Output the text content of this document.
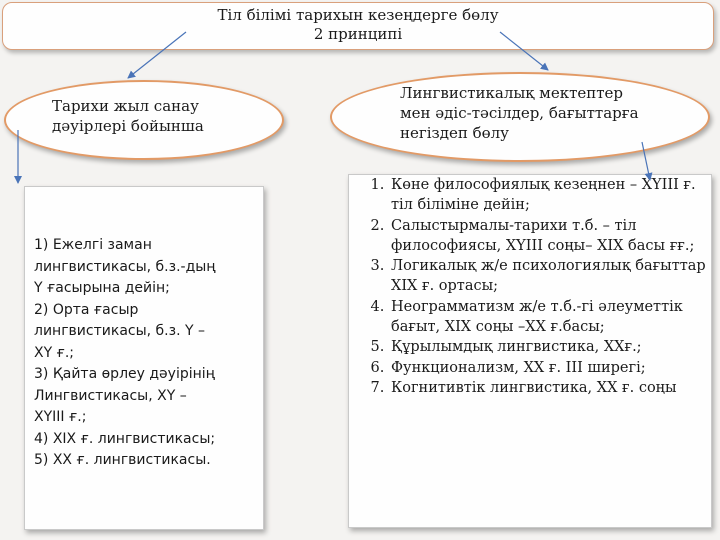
Тіл білімі тарихын кезеңдерге бөлу
2 принципі
Тарихи жыл санау
дәуірлері бойынша
Лингвистикалық мектептер
мен әдіс-тәсілдер, бағыттарға
негіздеп бөлу
1) Ежелгі заман
лингвистикасы, б.з.-дың
Ү ғасырына дейін;
2) Орта ғасыр
лингвистикасы, б.з. Ү –
ХҮ ғ.;
3) Қайта өрлеу дәуірінің
Лингвистикасы, ХҮ –
ХҮІІІ ғ.;
4) ХІХ ғ. лингвистикасы;
5) ХХ ғ. лингвистикасы.
1. Көне философиялық кезеңнен – ХҮІІІ ғ. тіл біліміне дейін;
2. Салыстырмалы-тарихи т.б. – тіл философиясы, ХҮІІІ соңы– ХІХ басы ғғ.;
3. Логикалық ж/е психологиялық бағыттар ХІХ ғ. ортасы;
4. Неограмматизм ж/е т.б.-гі әлеуметтік бағыт, ХІХ соңы –ХХ ғ.басы;
5. Құрылымдық лингвистика, ХХғ.;
6. Функционализм, ХХ ғ. ІІІ ширегі;
7. Когнитивтік лингвистика, ХХ ғ. соңы
